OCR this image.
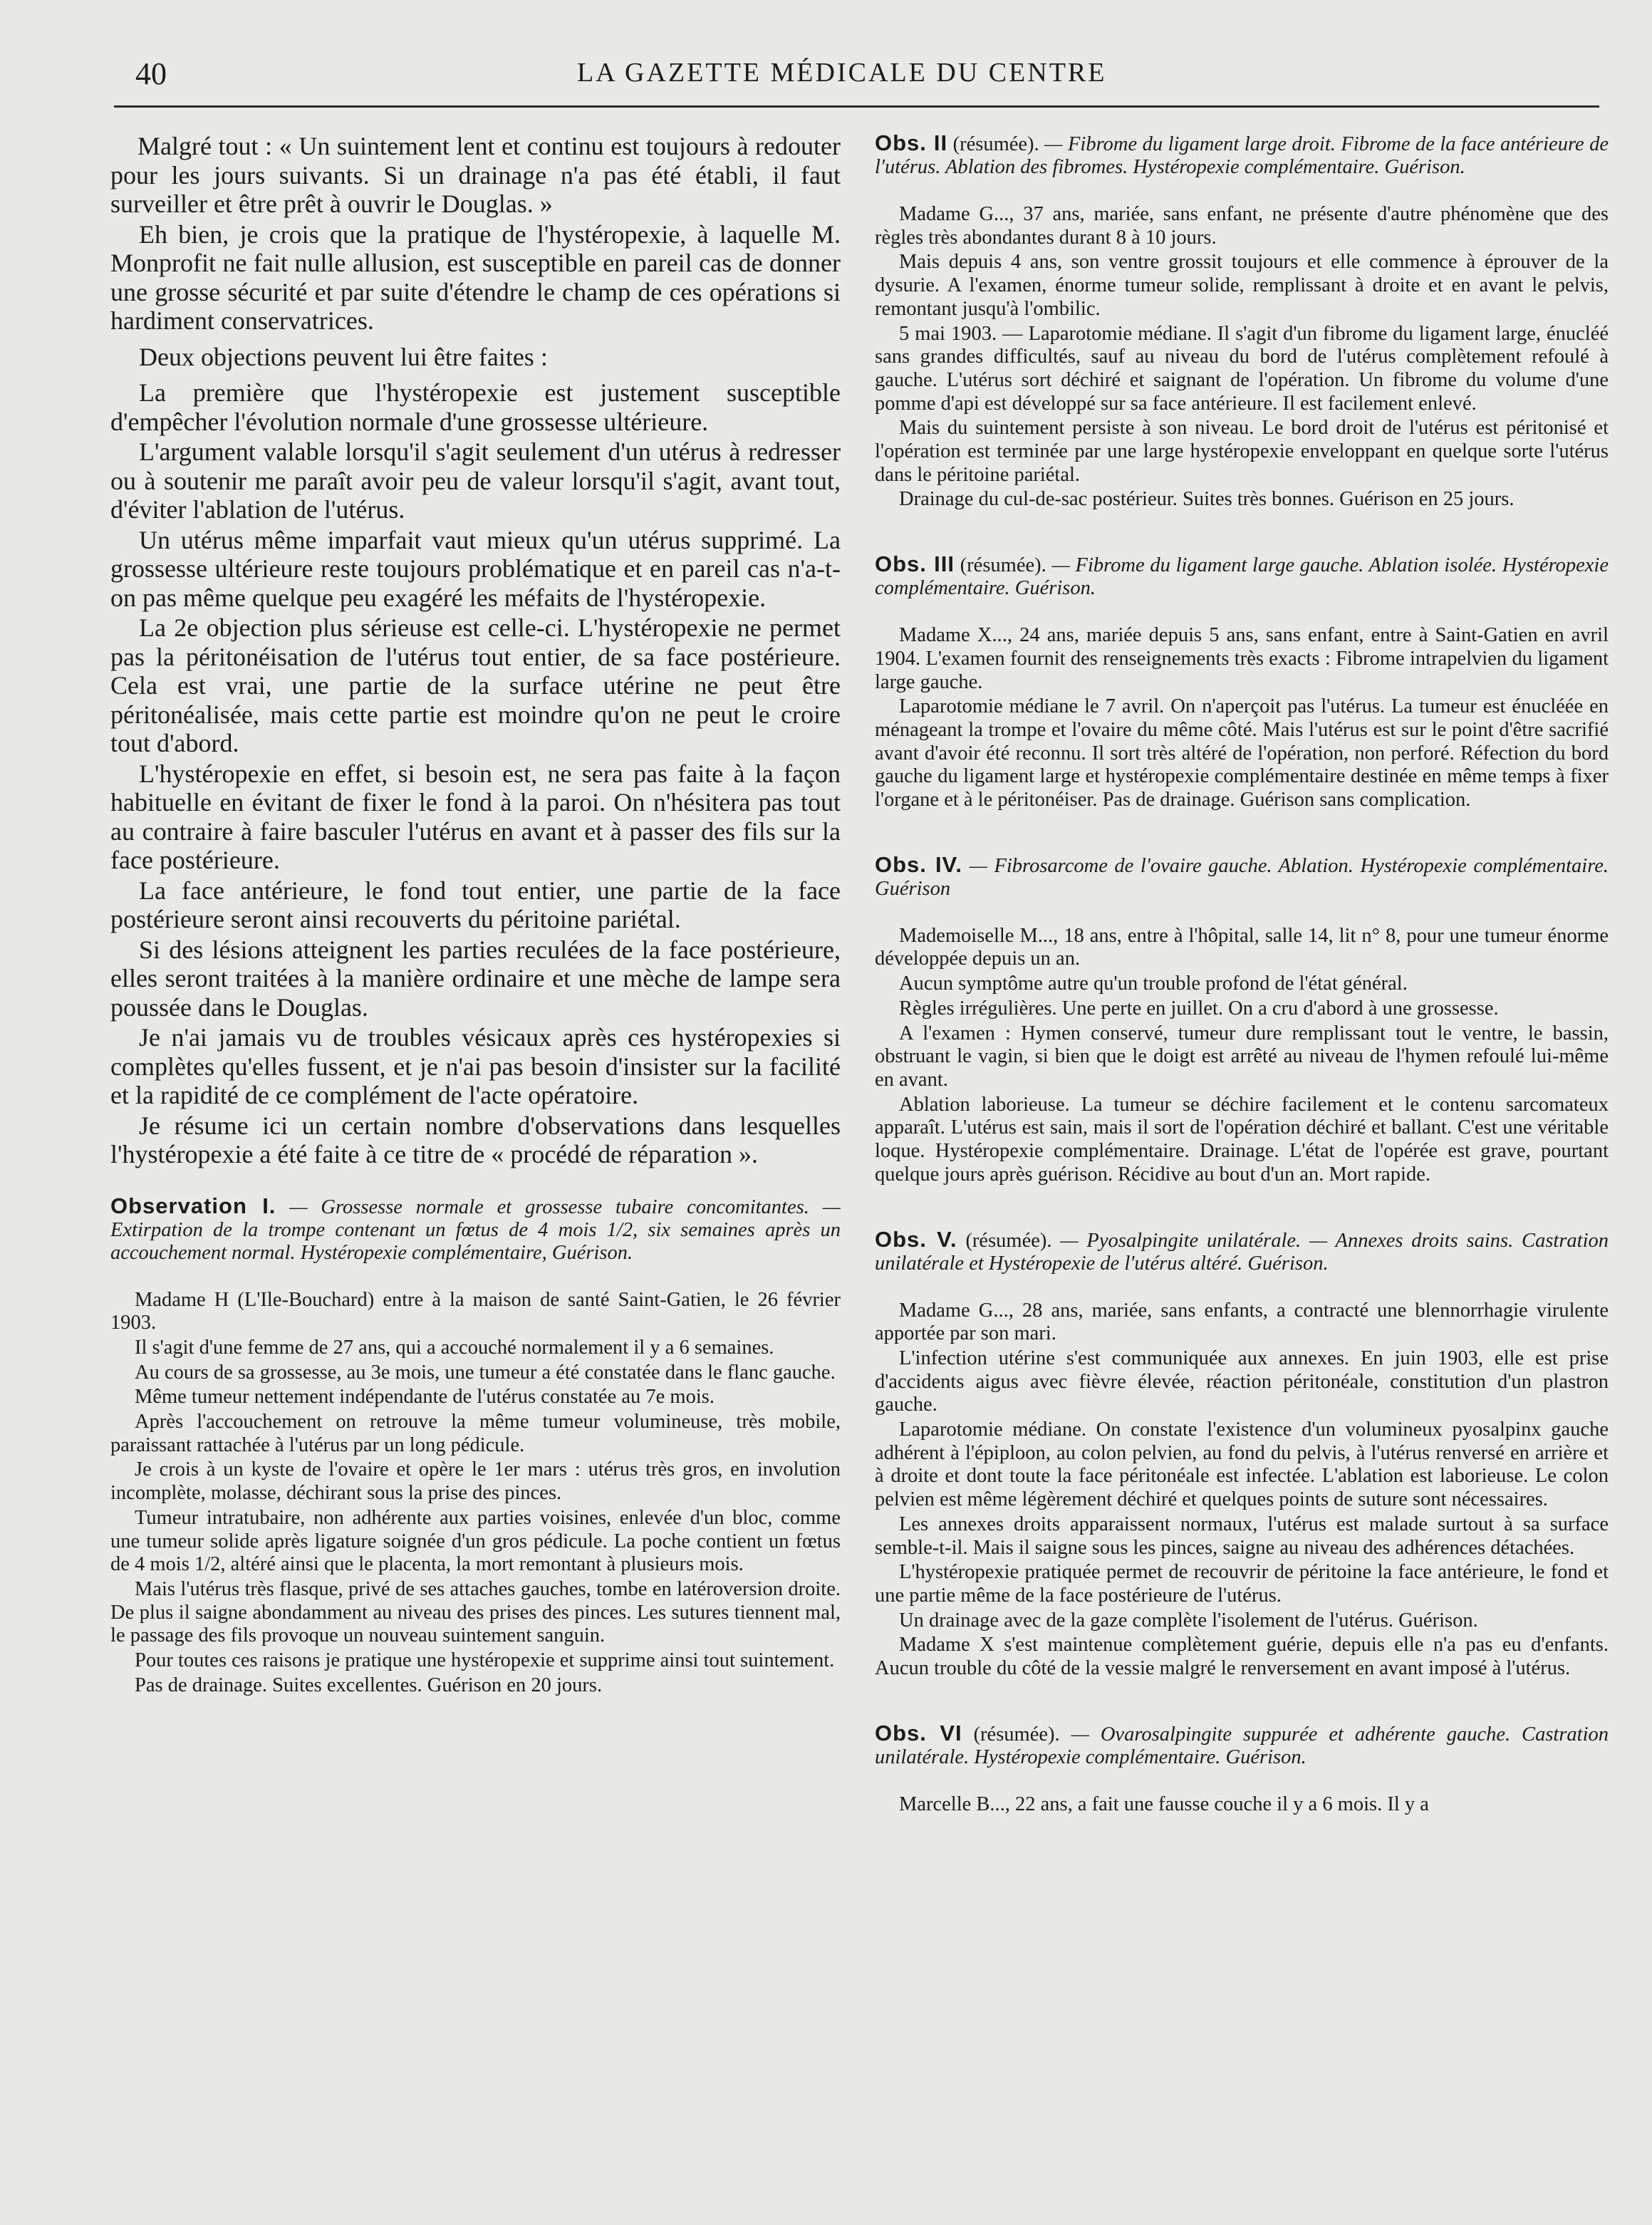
40	LA GAZETTE MÉDICALE DU CENTRE

Malgré tout : « Un suintement lent et continu est toujours à redouter pour les jours suivants. Si un drainage n'a pas été établi, il faut surveiller et être prêt à ouvrir le Douglas. »

Eh bien, je crois que la pratique de l'hystéropexie, à laquelle M. Monprofit ne fait nulle allusion, est susceptible en pareil cas de donner une grosse sécurité et par suite d'étendre le champ de ces opérations si hardiment conservatrices.

Deux objections peuvent lui être faites :

La première que l'hystéropexie est justement susceptible d'empêcher l'évolution normale d'une grossesse ultérieure.

L'argument valable lorsqu'il s'agit seulement d'un utérus à redresser ou à soutenir me paraît avoir peu de valeur lorsqu'il s'agit, avant tout, d'éviter l'ablation de l'utérus.

Un utérus même imparfait vaut mieux qu'un utérus supprimé. La grossesse ultérieure reste toujours problématique et en pareil cas n'a-t-on pas même quelque peu exagéré les méfaits de l'hystéropexie.

La 2e objection plus sérieuse est celle-ci. L'hystéropexie ne permet pas la péritonéisation de l'utérus tout entier, de sa face postérieure. Cela est vrai, une partie de la surface utérine ne peut être péritonéalisée, mais cette partie est moindre qu'on ne peut le croire tout d'abord.

L'hystéropexie en effet, si besoin est, ne sera pas faite à la façon habituelle en évitant de fixer le fond à la paroi. On n'hésitera pas tout au contraire à faire basculer l'utérus en avant et à passer des fils sur la face postérieure.

La face antérieure, le fond tout entier, une partie de la face postérieure seront ainsi recouverts du péritoine pariétal.

Si des lésions atteignent les parties reculées de la face postérieure, elles seront traitées à la manière ordinaire et une mèche de lampe sera poussée dans le Douglas.

Je n'ai jamais vu de troubles vésicaux après ces hystéropexies si complètes qu'elles fussent, et je n'ai pas besoin d'insister sur la facilité et la rapidité de ce complément de l'acte opératoire.

Je résume ici un certain nombre d'observations dans lesquelles l'hystéropexie a été faite à ce titre de « procédé de réparation ».

Observation I. — Grossesse normale et grossesse tubaire concomitantes. — Extirpation de la trompe contenant un fœtus de 4 mois 1/2, six semaines après un accouchement normal. Hystéropexie complémentaire, Guérison.

Madame H (L'Ile-Bouchard) entre à la maison de santé Saint-Gatien, le 26 février 1903.

Il s'agit d'une femme de 27 ans, qui a accouché normalement il y a 6 semaines.

Au cours de sa grossesse, au 3e mois, une tumeur a été constatée dans le flanc gauche.

Même tumeur nettement indépendante de l'utérus constatée au 7e mois.

Après l'accouchement on retrouve la même tumeur volumineuse, très mobile, paraissant rattachée à l'utérus par un long pédicule.

Je crois à un kyste de l'ovaire et opère le 1er mars : utérus très gros, en involution incomplète, molasse, déchirant sous la prise des pinces.

Tumeur intratubaire, non adhérente aux parties voisines, enlevée d'un bloc, comme une tumeur solide après ligature soignée d'un gros pédicule. La poche contient un fœtus de 4 mois 1/2, altéré ainsi que le placenta, la mort remontant à plusieurs mois.

Mais l'utérus très flasque, privé de ses attaches gauches, tombe en latéroversion droite. De plus il saigne abondamment au niveau des prises des pinces. Les sutures tiennent mal, le passage des fils provoque un nouveau suintement sanguin.

Pour toutes ces raisons je pratique une hystéropexie et supprime ainsi tout suintement.

Pas de drainage. Suites excellentes. Guérison en 20 jours.

Obs. II (résumée). — Fibrome du ligament large droit. Fibrome de la face antérieure de l'utérus. Ablation des fibromes. Hystéropexie complémentaire. Guérison.

Madame G..., 37 ans, mariée, sans enfant, ne présente d'autre phénomène que des règles très abondantes durant 8 à 10 jours.

Mais depuis 4 ans, son ventre grossit toujours et elle commence à éprouver de la dysurie. A l'examen, énorme tumeur solide, remplissant à droite et en avant le pelvis, remontant jusqu'à l'ombilic.

5 mai 1903. — Laparotomie médiane. Il s'agit d'un fibrome du ligament large, énucléé sans grandes difficultés, sauf au niveau du bord de l'utérus complètement refoulé à gauche. L'utérus sort déchiré et saignant de l'opération. Un fibrome du volume d'une pomme d'api est développé sur sa face antérieure. Il est facilement enlevé.

Mais du suintement persiste à son niveau. Le bord droit de l'utérus est péritonisé et l'opération est terminée par une large hystéropexie enveloppant en quelque sorte l'utérus dans le péritoine pariétal.

Drainage du cul-de-sac postérieur. Suites très bonnes. Guérison en 25 jours.

Obs. III (résumée). — Fibrome du ligament large gauche. Ablation isolée. Hystéropexie complémentaire. Guérison.

Madame X..., 24 ans, mariée depuis 5 ans, sans enfant, entre à Saint-Gatien en avril 1904. L'examen fournit des renseignements très exacts : Fibrome intrapelvien du ligament large gauche.

Laparotomie médiane le 7 avril. On n'aperçoit pas l'utérus. La tumeur est énucléée en ménageant la trompe et l'ovaire du même côté. Mais l'utérus est sur le point d'être sacrifié avant d'avoir été reconnu. Il sort très altéré de l'opération, non perforé. Réfection du bord gauche du ligament large et hystéropexie complémentaire destinée en même temps à fixer l'organe et à le péritonéiser. Pas de drainage. Guérison sans complication.

Obs. IV. — Fibrosarcome de l'ovaire gauche. Ablation. Hystéropexie complémentaire. Guérison

Mademoiselle M..., 18 ans, entre à l'hôpital, salle 14, lit n° 8, pour une tumeur énorme développée depuis un an.

Aucun symptôme autre qu'un trouble profond de l'état général.

Règles irrégulières. Une perte en juillet. On a cru d'abord à une grossesse.

A l'examen : Hymen conservé, tumeur dure remplissant tout le ventre, le bassin, obstruant le vagin, si bien que le doigt est arrêté au niveau de l'hymen refoulé lui-même en avant.

Ablation laborieuse. La tumeur se déchire facilement et le contenu sarcomateux apparaît. L'utérus est sain, mais il sort de l'opération déchiré et ballant. C'est une véritable loque. Hystéropexie complémentaire. Drainage. L'état de l'opérée est grave, pourtant quelque jours après guérison. Récidive au bout d'un an. Mort rapide.

Obs. V. (résumée). — Pyosalpingite unilatérale. — Annexes droits sains. Castration unilatérale et Hystéropexie de l'utérus altéré. Guérison.

Madame G..., 28 ans, mariée, sans enfants, a contracté une blennorrhagie virulente apportée par son mari.

L'infection utérine s'est communiquée aux annexes. En juin 1903, elle est prise d'accidents aigus avec fièvre élevée, réaction péritonéale, constitution d'un plastron gauche.

Laparotomie médiane. On constate l'existence d'un volumineux pyosalpinx gauche adhérent à l'épiploon, au colon pelvien, au fond du pelvis, à l'utérus renversé en arrière et à droite et dont toute la face péritonéale est infectée. L'ablation est laborieuse. Le colon pelvien est même légèrement déchiré et quelques points de suture sont nécessaires.

Les annexes droits apparaissent normaux, l'utérus est malade surtout à sa surface semble-t-il. Mais il saigne sous les pinces, saigne au niveau des adhérences détachées.

L'hystéropexie pratiquée permet de recouvrir de péritoine la face antérieure, le fond et une partie même de la face postérieure de l'utérus.

Un drainage avec de la gaze complète l'isolement de l'utérus. Guérison.

Madame X s'est maintenue complètement guérie, depuis elle n'a pas eu d'enfants. Aucun trouble du côté de la vessie malgré le renversement en avant imposé à l'utérus.

Obs. VI (résumée). — Ovarosalpingite suppurée et adhérente gauche. Castration unilatérale. Hystéropexie complémentaire. Guérison.

Marcelle B..., 22 ans, a fait une fausse couche il y a 6 mois. Il y a
